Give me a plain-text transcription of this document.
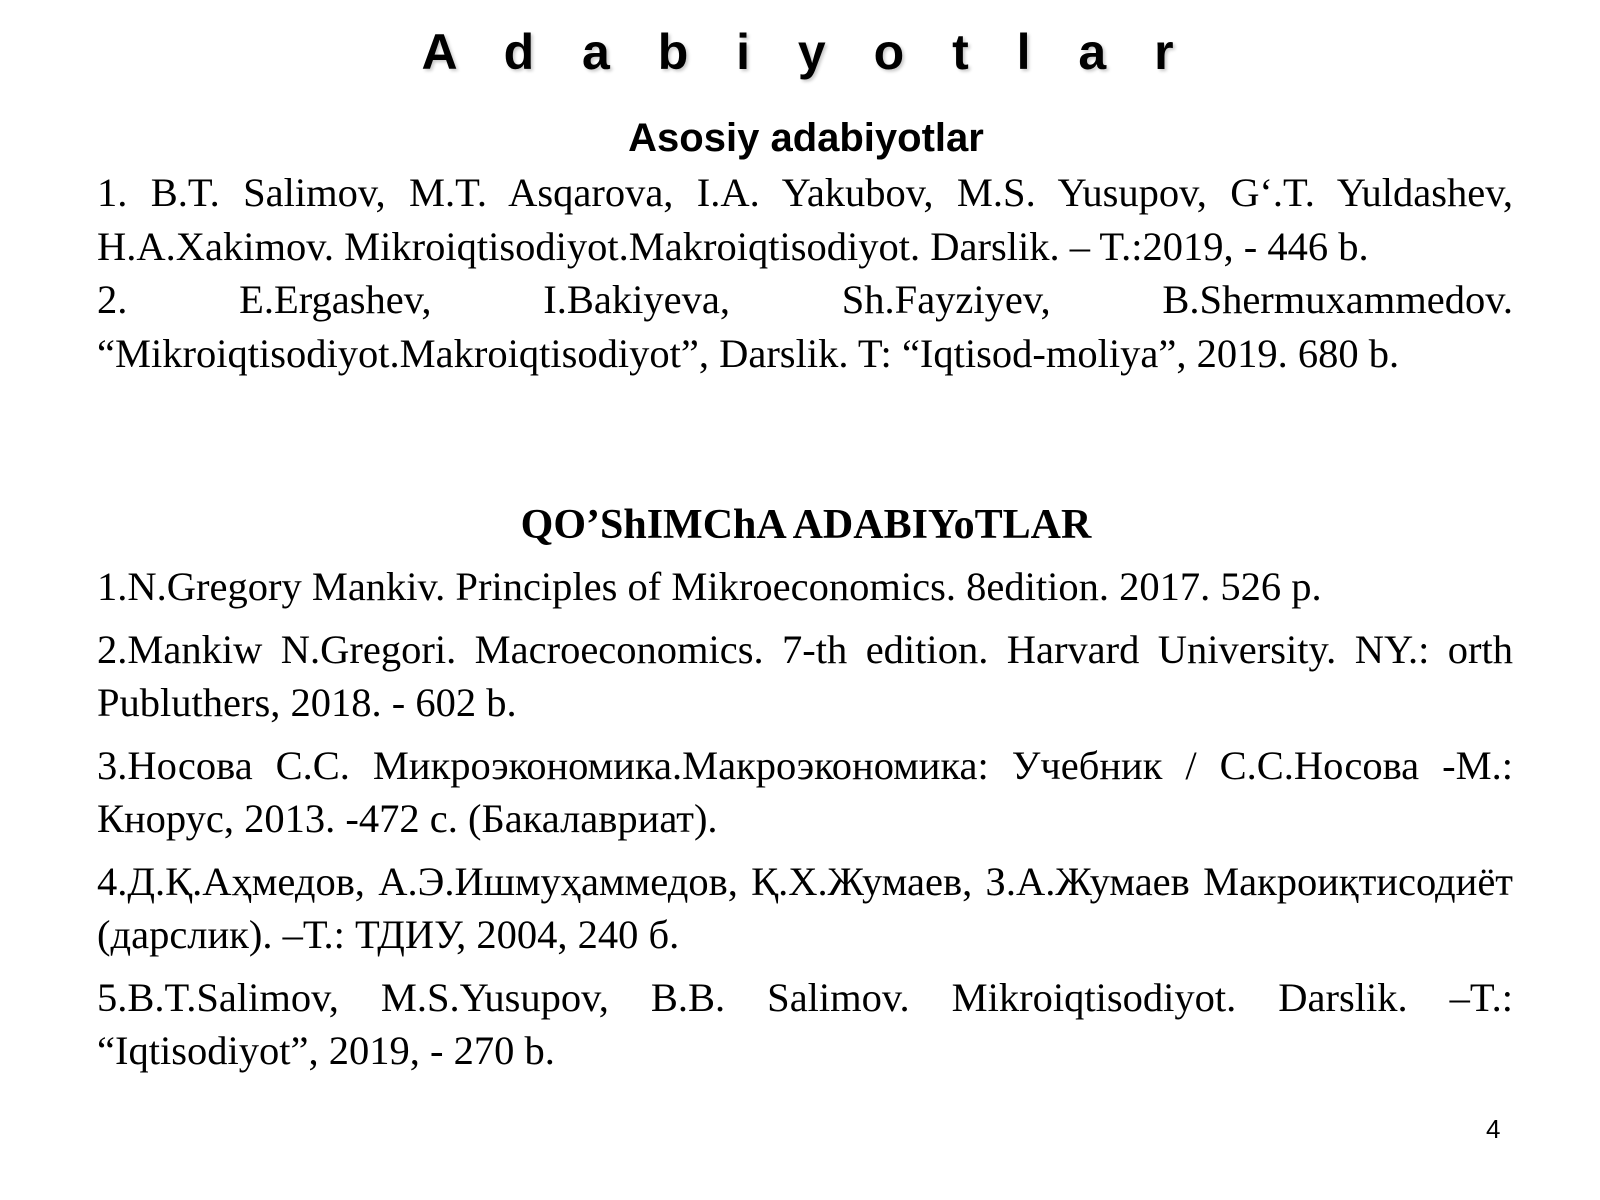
A d a b i y o t l a r
Asosiy adabiyotlar

1. B.T. Salimov, M.T. Asqarova, I.A. Yakubov, M.S. Yusupov, G‘.T. Yuldashev, H.A.Xakimov. Mikroiqtisodiyot.Makroiqtisodiyot. Darslik. – T.:2019, - 446 b.

2. E.Ergashev, I.Bakiyeva, Sh.Fayziyev, B.Shermuxammedov. “Mikroiqtisodiyot.Makroiqtisodiyot”, Darslik. T: “Iqtisod-moliya”, 2019. 680 b.

QO’ShIMChA ADABIYoTLAR

1.N.Gregory Mankiv. Principles of Mikroeconomics. 8edition. 2017. 526 p.

2.Mankiw N.Gregori. Macroeconomics. 7-th edition. Harvard University. NY.: orth Publuthers, 2018. - 602 b.

3.Носова С.С. Микроэкономика.Макроэкономика: Учебник / С.С.Носова -М.: Кнорус, 2013. -472 с. (Бакалавриат).

4.Д.Қ.Аҳмедов, А.Э.Ишмуҳаммедов, Қ.Х.Жумаев, З.А.Жумаев Макроиқтисодиёт (дарслик). –Т.: ТДИУ, 2004, 240 б.

5.B.T.Salimov, M.S.Yusupov, B.B. Salimov. Mikroiqtisodiyot. Darslik. –T.: “Iqtisodiyot”, 2019, - 270 b.

4
